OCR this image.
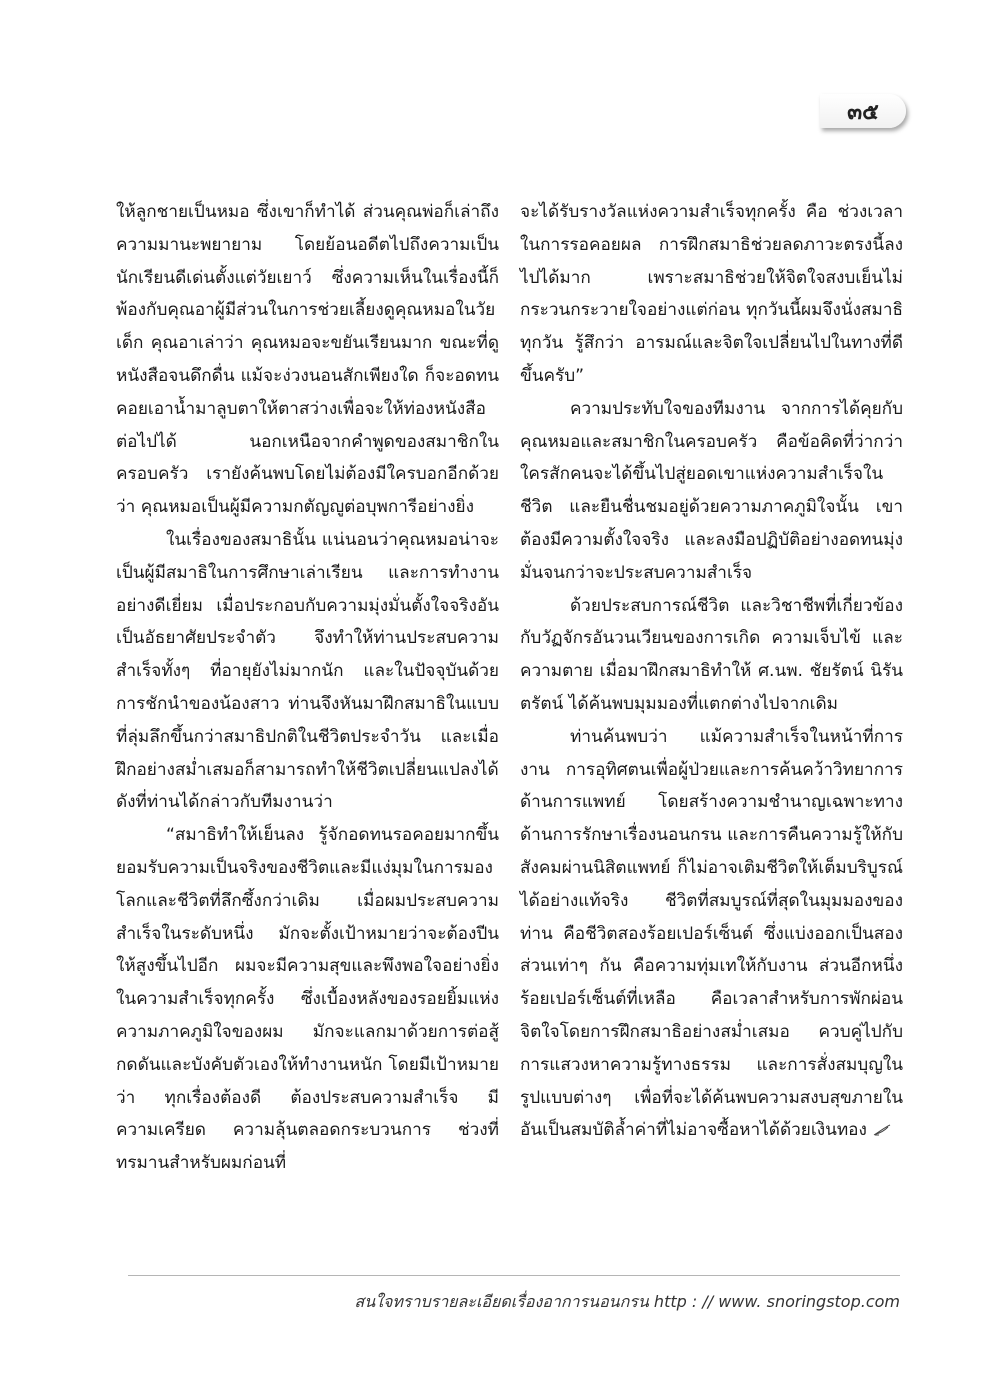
๓๕

ให้ลูกชายเป็นหมอ ซึ่งเขาก็ทำได้ ส่วนคุณพ่อก็เล่าถึงความมานะพยายาม โดยย้อนอดีตไปถึงความเป็นนักเรียนดีเด่นตั้งแต่วัยเยาว์ ซึ่งความเห็นในเรื่องนี้ก็พ้องกับคุณอาผู้มีส่วนในการช่วยเลี้ยงดูคุณหมอในวัยเด็ก คุณอาเล่าว่า คุณหมอจะขยันเรียนมาก ขณะที่ดูหนังสือจนดึกดื่น แม้จะง่วงนอนสักเพียงใด ก็จะอดทนคอยเอาน้ำมาลูบตาให้ตาสว่างเพื่อจะให้ท่องหนังสือต่อไปได้ นอกเหนือจากคำพูดของสมาชิกในครอบครัว เรายังค้นพบโดยไม่ต้องมีใครบอกอีกด้วยว่า คุณหมอเป็นผู้มีความกตัญญูต่อบุพการีอย่างยิ่ง

ในเรื่องของสมาธินั้น แน่นอนว่าคุณหมอน่าจะเป็นผู้มีสมาธิในการศึกษาเล่าเรียน และการทำงานอย่างดีเยี่ยม เมื่อประกอบกับความมุ่งมั่นตั้งใจจริงอันเป็นอัธยาศัยประจำตัว จึงทำให้ท่านประสบความสำเร็จทั้งๆ ที่อายุยังไม่มากนัก และในปัจจุบันด้วยการชักนำของน้องสาว ท่านจึงหันมาฝึกสมาธิในแบบที่ลุ่มลึกขึ้นกว่าสมาธิปกติในชีวิตประจำวัน และเมื่อฝึกอย่างสม่ำเสมอก็สามารถทำให้ชีวิตเปลี่ยนแปลงได้ดังที่ท่านได้กล่าวกับทีมงานว่า

“สมาธิทำให้เย็นลง รู้จักอดทนรอคอยมากขึ้น ยอมรับความเป็นจริงของชีวิตและมีแง่มุมในการมองโลกและชีวิตที่ลึกซึ้งกว่าเดิม เมื่อผมประสบความสำเร็จในระดับหนึ่ง มักจะตั้งเป้าหมายว่าจะต้องปีนให้สูงขึ้นไปอีก ผมจะมีความสุขและพึงพอใจอย่างยิ่งในความสำเร็จทุกครั้ง ซึ่งเบื้องหลังของรอยยิ้มแห่งความภาคภูมิใจของผม มักจะแลกมาด้วยการต่อสู้กดดันและบังคับตัวเองให้ทำงานหนัก โดยมีเป้าหมายว่า ทุกเรื่องต้องดี ต้องประสบความสำเร็จ มีความเครียด ความลุ้นตลอดกระบวนการ ช่วงที่ทรมานสำหรับผมก่อนที่

จะได้รับรางวัลแห่งความสำเร็จทุกครั้ง คือ ช่วงเวลาในการรอคอยผล การฝึกสมาธิช่วยลดภาวะตรงนี้ลงไปได้มาก เพราะสมาธิช่วยให้จิตใจสงบเย็นไม่กระวนกระวายใจอย่างแต่ก่อน ทุกวันนี้ผมจึงนั่งสมาธิทุกวัน รู้สึกว่า อารมณ์และจิตใจเปลี่ยนไปในทางที่ดีขึ้นครับ”

ความประทับใจของทีมงาน จากการได้คุยกับคุณหมอและสมาชิกในครอบครัว คือข้อคิดที่ว่ากว่าใครสักคนจะได้ขึ้นไปสู่ยอดเขาแห่งความสำเร็จในชีวิต และยืนชื่นชมอยู่ด้วยความภาคภูมิใจนั้น เขาต้องมีความตั้งใจจริง และลงมือปฏิบัติอย่างอดทนมุ่งมั่นจนกว่าจะประสบความสำเร็จ

ด้วยประสบการณ์ชีวิต และวิชาชีพที่เกี่ยวข้องกับวัฏจักรอันวนเวียนของการเกิด ความเจ็บไข้ และความตาย เมื่อมาฝึกสมาธิทำให้ ศ.นพ. ชัยรัตน์ นิรันตรัตน์ ได้ค้นพบมุมมองที่แตกต่างไปจากเดิม

ท่านค้นพบว่า แม้ความสำเร็จในหน้าที่การงาน การอุทิศตนเพื่อผู้ป่วยและการค้นคว้าวิทยาการด้านการแพทย์ โดยสร้างความชำนาญเฉพาะทางด้านการรักษาเรื่องนอนกรน และการคืนความรู้ให้กับสังคมผ่านนิสิตแพทย์ ก็ไม่อาจเติมชีวิตให้เต็มบริบูรณ์ได้อย่างแท้จริง ชีวิตที่สมบูรณ์ที่สุดในมุมมองของท่าน คือชีวิตสองร้อยเปอร์เซ็นต์ ซึ่งแบ่งออกเป็นสองส่วนเท่าๆ กัน คือความทุ่มเทให้กับงาน ส่วนอีกหนึ่งร้อยเปอร์เซ็นต์ที่เหลือ คือเวลาสำหรับการพักผ่อนจิตใจโดยการฝึกสมาธิอย่างสม่ำเสมอ ควบคู่ไปกับการแสวงหาความรู้ทางธรรม และการสั่งสมบุญในรูปแบบต่างๆ เพื่อที่จะได้ค้นพบความสงบสุขภายใน อันเป็นสมบัติล้ำค่าที่ไม่อาจซื้อหาได้ด้วยเงินทอง

สนใจทราบรายละเอียดเรื่องอาการนอนกรน http : // www. snoringstop.com
